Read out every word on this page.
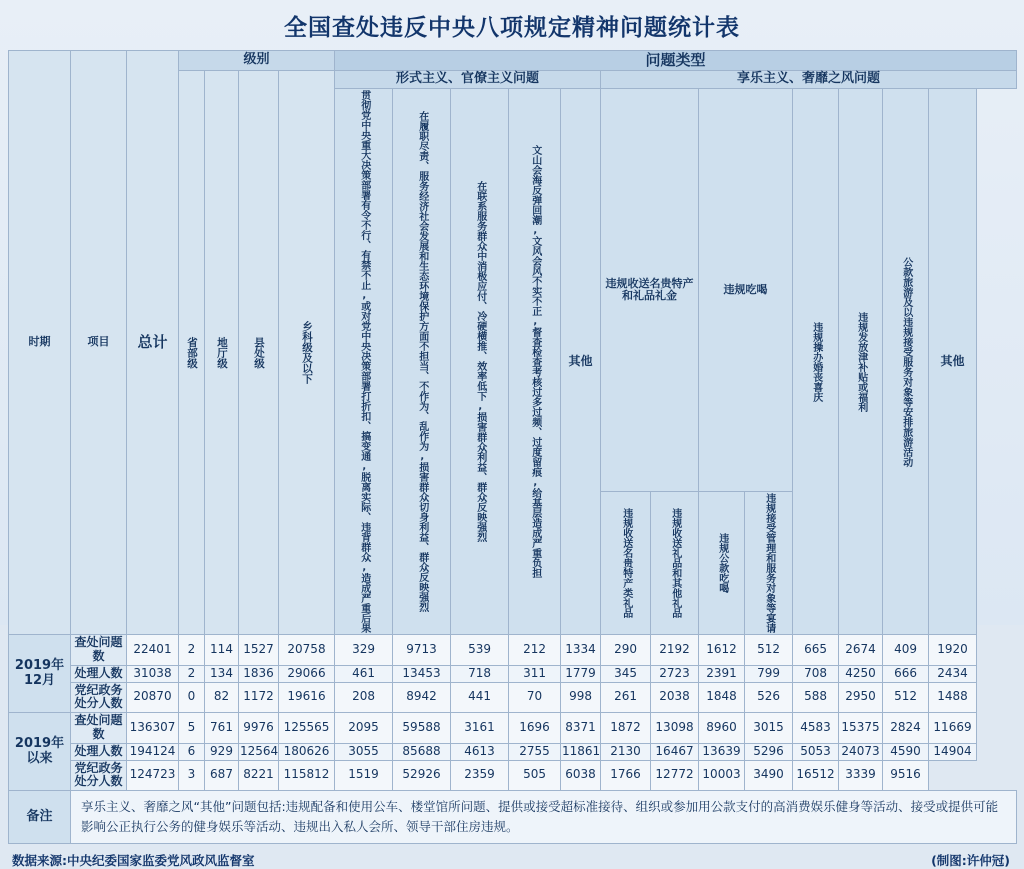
全国查处违反中央八项规定精神问题统计表
时期	项目	总计	级别				问题类型												

			省部级	地厅级	县处级	乡科级及以下	形式主义、官僚主义问题					享乐主义、奢靡之风问题							

							贯彻党中央重大决策部署有令不行、有禁不止,或对党中央决策部署打折扣、搞变通,脱离实际、违背群众,造成严重后果	在履职尽责、服务经济社会发展和生态环境保护方面不担当、不作为、乱作为,损害群众切身利益、群众反映强烈	在联系服务群众中消极应付、冷硬横推、效率低下,损害群众利益、群众反映强烈	文山会海反弹回潮,文风会风不实不正,督查检查考核过多过频、过度留痕,给基层造成严重负担	其他	违规收送名贵特产和礼品礼金		违规吃喝		违规操办婚丧喜庆	违规发放津补贴或福利	公款旅游及以违规接受服务对象等安排旅游活动	其他

												违规收送名贵特产类礼品	违规收送礼品和其他礼品	违规公款吃喝	违规接受管理和服务对象等宴请				

2019年12月	查处问题数	22401	2	114	1527	20758	329	9713	539	212	1334	290	2192	1612	512	665	2674	409	1920
	处理人数	31038	2	134	1836	29066	461	13453	718	311	1779	345	2723	2391	799	708	4250	666	2434
	党纪政务处分人数	20870	0	82	1172	19616	208	8942	441	70	998	261	2038	1848	526	588	2950	512	1488
2019年以来	查处问题数	136307	5	761	9976	125565	2095	59588	3161	1696	8371	1872	13098	8960	3015	4583	15375	2824	11669
	处理人数	194124	6	929	12564	180626	3055	85688	4613	2755	11861	2130	16467	13639	5296	5053	24073	4590	14904
	党纪政务处分人数	124723	3	687	8221	115812	1519	52926	2359	505	6038	1766	12772	10003	3490	16512	3339	9516
备注	享乐主义、奢靡之风“其他”问题包括:违规配备和使用公车、楼堂馆所问题、提供或接受超标准接待、组织或参加用公款支付的高消费娱乐健身等活动、接受或提供可能影响公正执行公务的健身娱乐等活动、违规出入私人会所、领导干部住房违规。																		
数据来源:中央纪委国家监委党风政风监督室	(制图:许仲冠)
